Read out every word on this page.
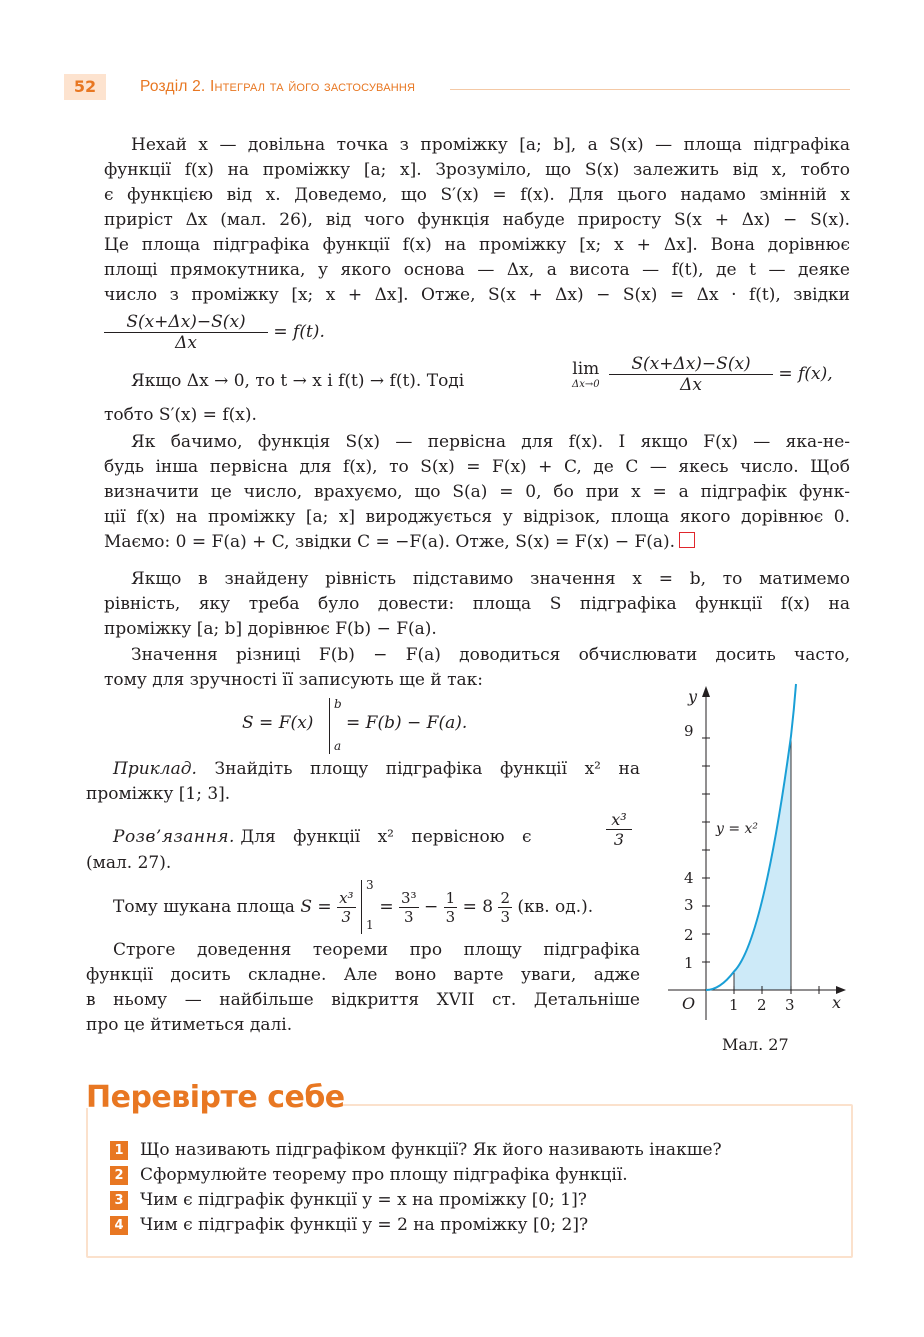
52	Розділ 2. Інтеграл та його застосування
Нехай x — довільна точка з проміжку [a; b], а S(x) — площа підграфіка
функції f(x) на проміжку [a; x]. Зрозуміло, що S(x) залежить від x, тобто
є функцією від x. Доведемо, що S′(x) = f(x). Для цього надамо змінній x
приріст Δx (мал. 26), від чого функція набуде приросту S(x + Δx) − S(x).
Це площа підграфіка функції f(x) на проміжку [x; x + Δx]. Вона дорівнює
площі прямокутника, у якого основа — Δx, а висота — f(t), де t — деяке
число з проміжку [x; x + Δx]. Отже, S(x + Δx) − S(x) = Δx · f(t), звідки
$\frac{S(x+\Delta x)-S(x)}{\Delta x} = f(t)$.
Якщо Δx → 0, то t → x і f(t) → f(t). Тоді
lim
Δx→0
$\frac{S(x+\Delta x)-S(x)}{\Delta x} = f(x)$,
тобто S′(x) = f(x).
Як бачимо, функція S(x) — первісна для f(x). І якщо F(x) — яка-не-
будь інша первісна для f(x), то S(x) = F(x) + C, де C — якесь число. Щоб
визначити це число, врахуємо, що S(a) = 0, бо при x = a підграфік функ-
ції f(x) на проміжку [a; x] вироджується у відрізок, площа якого дорівнює 0.
Маємо: 0 = F(a) + C, звідки C = −F(a). Отже, S(x) = F(x) − F(a).
Якщо в знайдену рівність підставимо значення x = b, то матимемо
рівність, яку треба було довести: площа S підграфіка функції f(x) на
проміжку [a; b] дорівнює F(b) − F(a).
Значення різниці F(b) − F(a) доводиться обчислювати досить часто,
тому для зручності її записують ще й так:
S = F(x)
b
a
= F(b) − F(a).
Приклад. Знайдіть площу підграфіка функції x² на
проміжку [1; 3].
Розв’язання. Для функції x² первісною є	$\frac{\text{x³}}{3}$
(мал. 27).
Тому шукана площа $S = \frac{\text{x³}}{3}$

3
1
= $\frac{\text{3³}}{3} - \frac{1}{3} = 8 \frac{2}{3} (кв$. од.).
Строге доведення теореми про площу підграфіка
функції досить складне. Але воно варте уваги, адже
в ньому — найбільше відкриття XVII ст. Детальніше
про це йтиметься далі.
y
x
O
y = x²
1
2
3
4
9
1 2 3
Мал. 27
Перевірте себе
1 Що називають підграфіком функції? Як його називають інакше?
2 Сформулюйте теорему про площу підграфіка функції.
3 Чим є підграфік функції y = x на проміжку [0; 1]?
4 Чим є підграфік функції y = 2 на проміжку [0; 2]?
